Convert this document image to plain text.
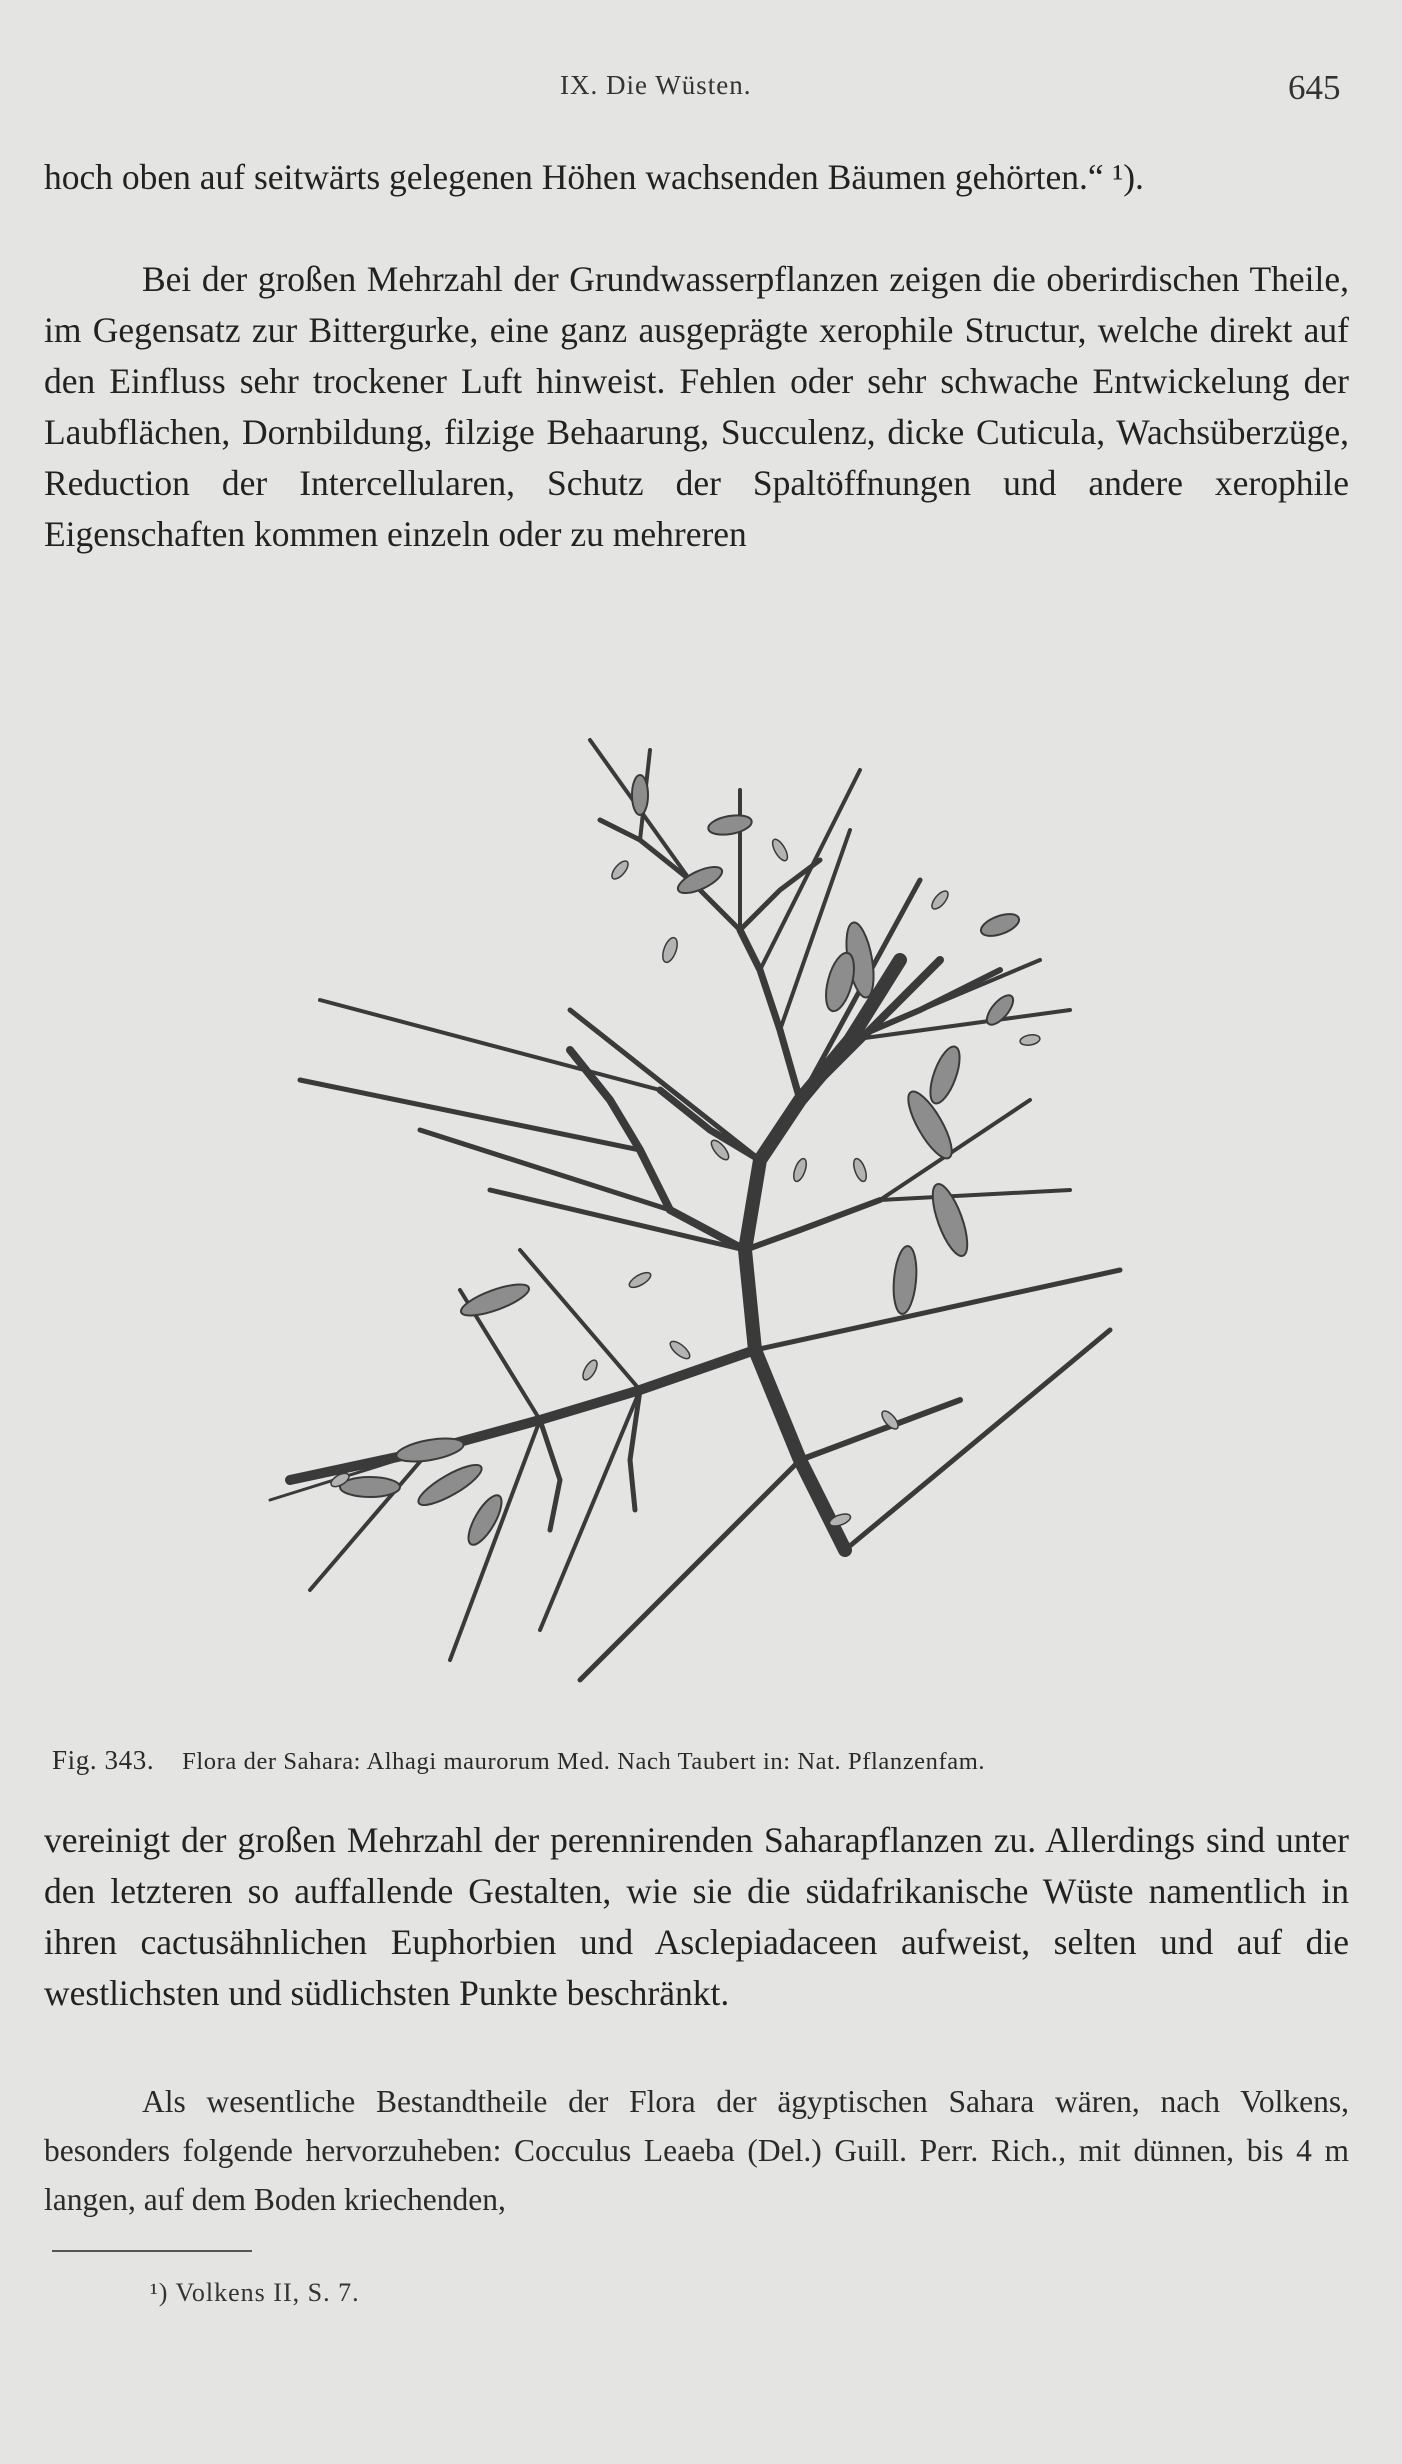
IX. Die Wüsten.	645

hoch oben auf seitwärts gelegenen Höhen wachsenden Bäumen gehörten.“ ¹).

Bei der großen Mehrzahl der Grundwasserpflanzen zeigen die oberirdischen Theile, im Gegensatz zur Bittergurke, eine ganz ausgeprägte xerophile Structur, welche direkt auf den Einfluss sehr trockener Luft hinweist. Fehlen oder sehr schwache Entwickelung der Laubflächen, Dornbildung, filzige Behaarung, Succulenz, dicke Cuticula, Wachsüberzüge, Reduction der Intercellularen, Schutz der Spaltöffnungen und andere xerophile Eigenschaften kommen einzeln oder zu mehreren

Fig. 343. Flora der Sahara: Alhagi maurorum Med. Nach Taubert in: Nat. Pflanzenfam.

vereinigt der großen Mehrzahl der perennirenden Saharapflanzen zu. Allerdings sind unter den letzteren so auffallende Gestalten, wie sie die südafrikanische Wüste namentlich in ihren cactusähnlichen Euphorbien und Asclepiadaceen aufweist, selten und auf die westlichsten und südlichsten Punkte beschränkt.

Als wesentliche Bestandtheile der Flora der ägyptischen Sahara wären, nach Volkens, besonders folgende hervorzuheben: Cocculus Leaeba (Del.) Guill. Perr. Rich., mit dünnen, bis 4 m langen, auf dem Boden kriechenden,

¹) Volkens II, S. 7.
